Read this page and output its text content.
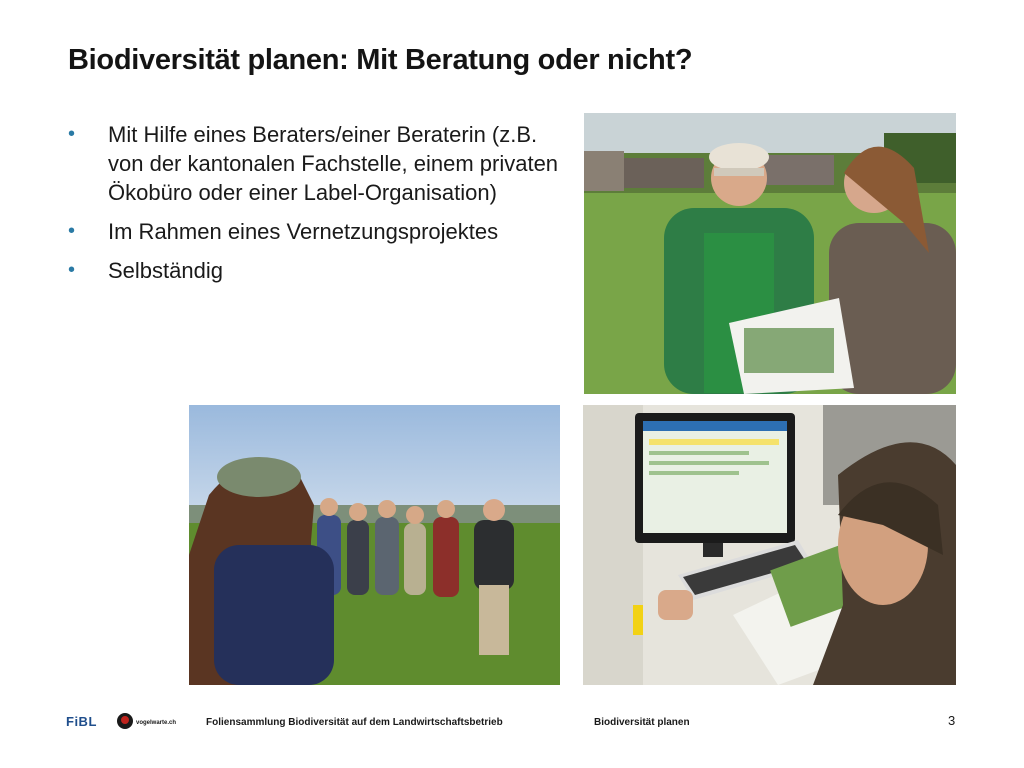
Biodiversität planen: Mit Beratung oder nicht?
• Mit Hilfe eines Beraters/einer Beraterin (z.B. von der kantonalen Fachstelle, einem privaten Ökobüro oder einer Label-Organisation)
• Im Rahmen eines Vernetzungsprojektes
• Selbständig
FiBL	vogelwarte.ch	Foliensammlung Biodiversität auf dem Landwirtschaftsbetrieb	Biodiversität planen	3
